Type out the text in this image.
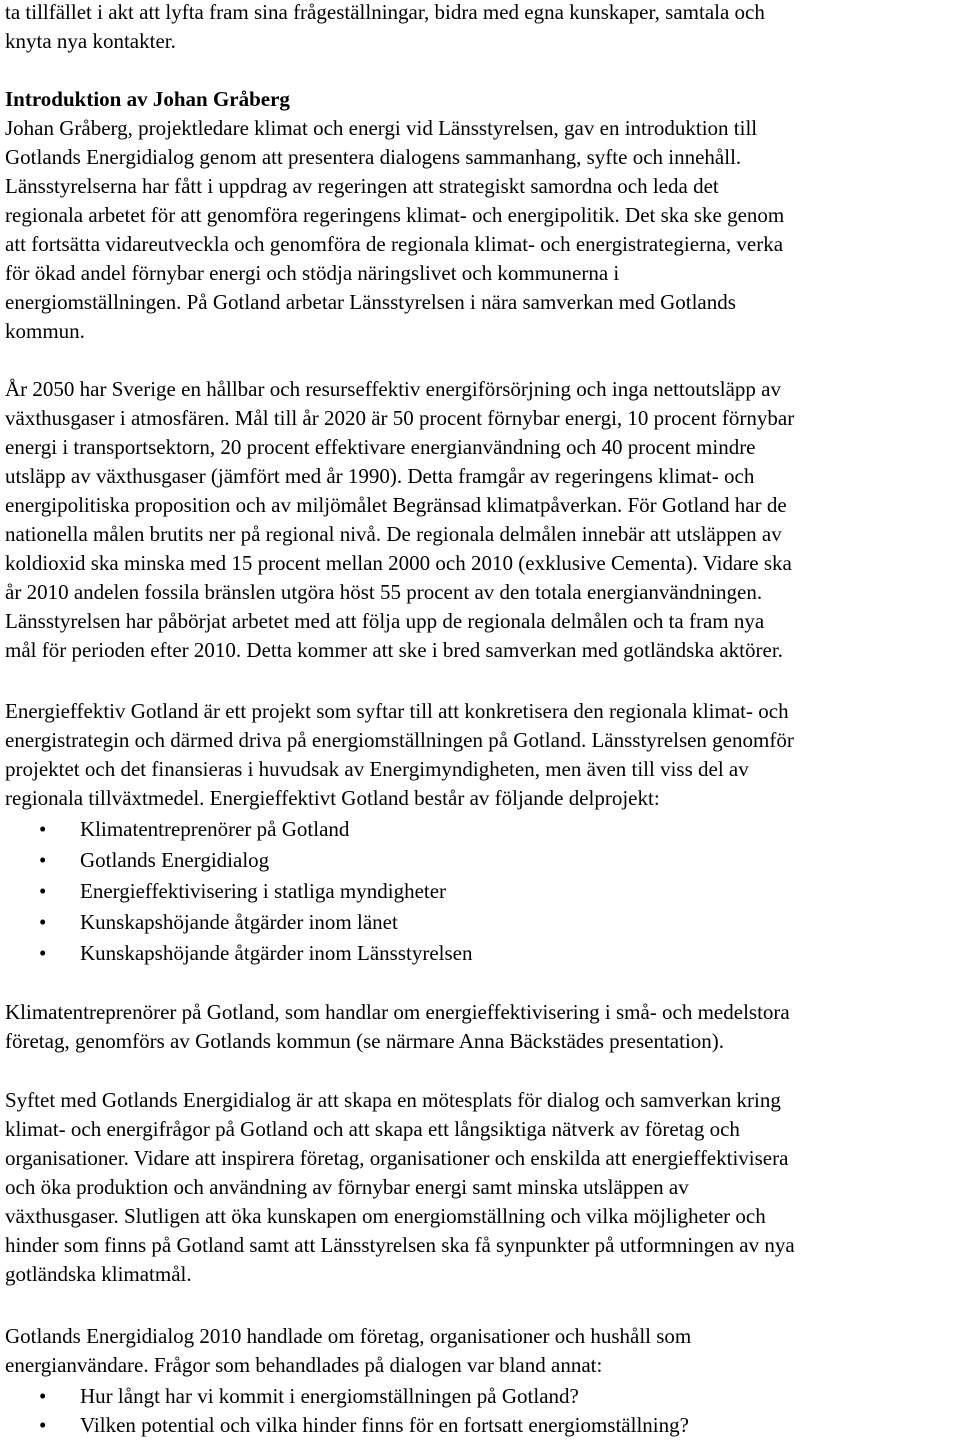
ta tillfället i akt att lyfta fram sina frågeställningar, bidra med egna kunskaper, samtala och
knyta nya kontakter.
Introduktion av Johan Gråberg
Johan Gråberg, projektledare klimat och energi vid Länsstyrelsen, gav en introduktion till
Gotlands Energidialog genom att presentera dialogens sammanhang, syfte och innehåll.
Länsstyrelserna har fått i uppdrag av regeringen att strategiskt samordna och leda det
regionala arbetet för att genomföra regeringens klimat- och energipolitik. Det ska ske genom
att fortsätta vidareutveckla och genomföra de regionala klimat- och energistrategierna, verka
för ökad andel förnybar energi och stödja näringslivet och kommunerna i
energiomställningen. På Gotland arbetar Länsstyrelsen i nära samverkan med Gotlands
kommun.
År 2050 har Sverige en hållbar och resurseffektiv energiförsörjning och inga nettoutsläpp av
växthusgaser i atmosfären. Mål till år 2020 är 50 procent förnybar energi, 10 procent förnybar
energi i transportsektorn, 20 procent effektivare energianvändning och 40 procent mindre
utsläpp av växthusgaser (jämfört med år 1990). Detta framgår av regeringens klimat- och
energipolitiska proposition och av miljömålet Begränsad klimatpåverkan. För Gotland har de
nationella målen brutits ner på regional nivå. De regionala delmålen innebär att utsläppen av
koldioxid ska minska med 15 procent mellan 2000 och 2010 (exklusive Cementa). Vidare ska
år 2010 andelen fossila bränslen utgöra höst 55 procent av den totala energianvändningen.
Länsstyrelsen har påbörjat arbetet med att följa upp de regionala delmålen och ta fram nya
mål för perioden efter 2010. Detta kommer att ske i bred samverkan med gotländska aktörer.
Energieffektiv Gotland är ett projekt som syftar till att konkretisera den regionala klimat- och
energistrategin och därmed driva på energiomställningen på Gotland. Länsstyrelsen genomför
projektet och det finansieras i huvudsak av Energimyndigheten, men även till viss del av
regionala tillväxtmedel. Energieffektivt Gotland består av följande delprojekt:
• Klimatentreprenörer på Gotland
• Gotlands Energidialog
• Energieffektivisering i statliga myndigheter
• Kunskapshöjande åtgärder inom länet
• Kunskapshöjande åtgärder inom Länsstyrelsen
Klimatentreprenörer på Gotland, som handlar om energieffektivisering i små- och medelstora
företag, genomförs av Gotlands kommun (se närmare Anna Bäckstädes presentation).
Syftet med Gotlands Energidialog är att skapa en mötesplats för dialog och samverkan kring
klimat- och energifrågor på Gotland och att skapa ett långsiktiga nätverk av företag och
organisationer. Vidare att inspirera företag, organisationer och enskilda att energieffektivisera
och öka produktion och användning av förnybar energi samt minska utsläppen av
växthusgaser. Slutligen att öka kunskapen om energiomställning och vilka möjligheter och
hinder som finns på Gotland samt att Länsstyrelsen ska få synpunkter på utformningen av nya
gotländska klimatmål.
Gotlands Energidialog 2010 handlade om företag, organisationer och hushåll som
energianvändare. Frågor som behandlades på dialogen var bland annat:
• Hur långt har vi kommit i energiomställningen på Gotland?
• Vilken potential och vilka hinder finns för en fortsatt energiomställning?
